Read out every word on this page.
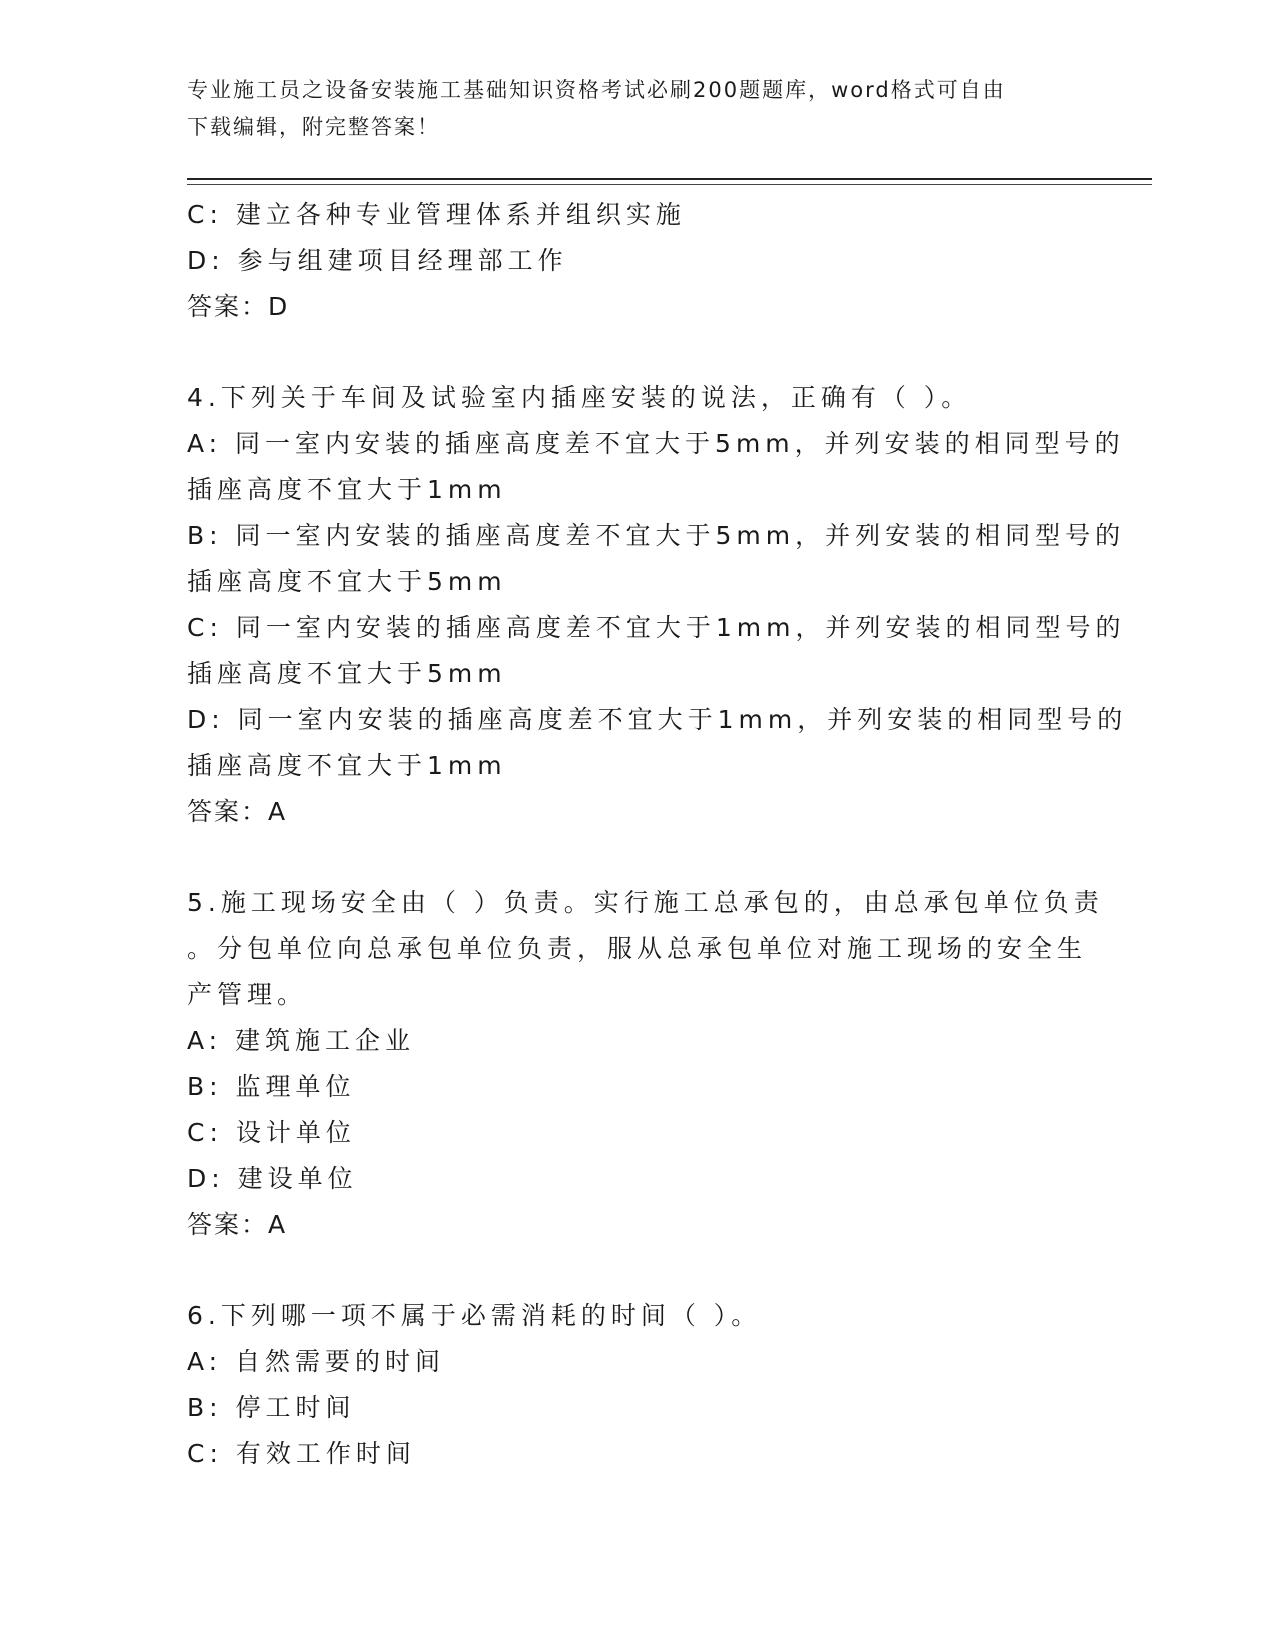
专业施工员之设备安装施工基础知识资格考试必刷200题题库，word格式可自由
下载编辑，附完整答案！
C: 建立各种专业管理体系并组织实施
D: 参与组建项目经理部工作
答案：D
4.下列关于车间及试验室内插座安装的说法，正确有（ ）。
A: 同一室内安装的插座高度差不宜大于5mm，并列安装的相同型号的
插座高度不宜大于1mm
B: 同一室内安装的插座高度差不宜大于5mm，并列安装的相同型号的
插座高度不宜大于5mm
C: 同一室内安装的插座高度差不宜大于1mm，并列安装的相同型号的
插座高度不宜大于5mm
D: 同一室内安装的插座高度差不宜大于1mm，并列安装的相同型号的
插座高度不宜大于1mm
答案：A
5.施工现场安全由（ ）负责。实行施工总承包的，由总承包单位负责
。分包单位向总承包单位负责，服从总承包单位对施工现场的安全生
产管理。
A: 建筑施工企业
B: 监理单位
C: 设计单位
D: 建设单位
答案：A
6.下列哪一项不属于必需消耗的时间（ ）。
A: 自然需要的时间
B: 停工时间
C: 有效工作时间
